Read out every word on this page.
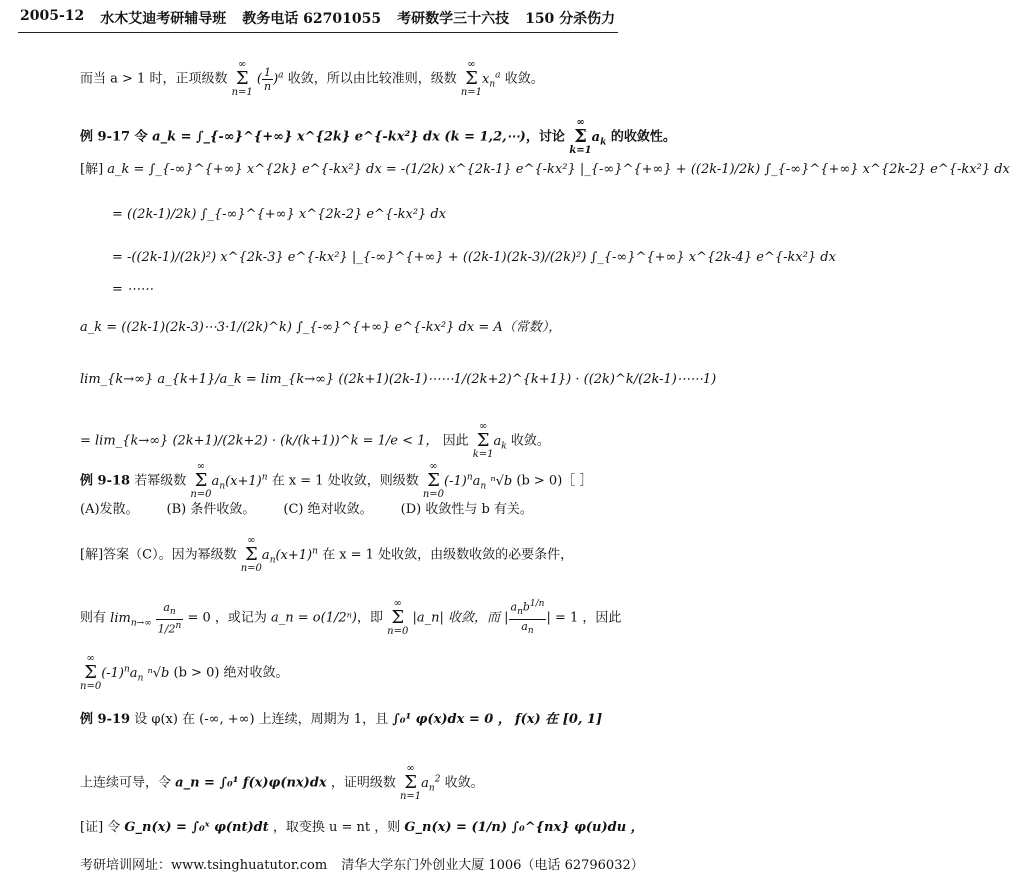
2005-12 水木艾迪考研辅导班 教务电话 62701055 考研数学三十六技 150 分杀伤力
而当 a > 1 时，正项级数 ∞
Σ
n=1 ( $\frac{1}{n} )^a$ 收敛，所以由比较准则，级数 ∞
Σ
$n=1x_n^a$ 收敛。
例 9-17 令 a_k = ∫_{-∞}^{+∞} x^{2k} e^{-kx²} dx (k = 1,2,⋯)，讨论 ∞
Σ
$k=1a_k$ 的收敛性。
[解] a_k = ∫_{-∞}^{+∞} x^{2k} e^{-kx²} dx = -(1/2k) x^{2k-1} e^{-kx²} |_{-∞}^{+∞} + ((2k-1)/2k) ∫_{-∞}^{+∞} x^{2k-2} e^{-kx²} dx
= ((2k-1)/2k) ∫_{-∞}^{+∞} x^{2k-2} e^{-kx²} dx
= -((2k-1)/(2k)²) x^{2k-3} e^{-kx²} |_{-∞}^{+∞} + ((2k-1)(2k-3)/(2k)²) ∫_{-∞}^{+∞} x^{2k-4} e^{-kx²} dx
= ⋯⋯
a_k = ((2k-1)(2k-3)⋯3·1/(2k)^k) ∫_{-∞}^{+∞} e^{-kx²} dx = A（常数），
lim_{k→∞} a_{k+1}/a_k = lim_{k→∞} ((2k+1)(2k-1)⋯⋯1/(2k+2)^{k+1}) · ((2k)^k/(2k-1)⋯⋯1)
= lim_{k→∞} (2k+1)/(2k+2) · (k/(k+1))^k = 1/e < 1， 因此 ∞
Σ
$k=1a_k$ 收敛。
例 9-18 若幂级数 ∞
Σ
$n=0a_n(x+1)^n$ 在 x = 1 处收敛，则级数 ∞
Σ
$n=0(-1)^na_n$ ⁿ√b (b > 0)［ ］
(A)发散。 (B) 条件收敛。 (C) 绝对收敛。 (D) 收敛性与 b 有关。
[解]答案（C）。因为幂级数 ∞
Σ
$n=0a_n(x+1)^n$ 在 x = 1 处收敛，由级数收敛的必要条件，
则有 $\lim_{n\to\infty} \frac{a_n}{1/2^n} = 0$ ，或记为 a_n = o(1/2ⁿ)，即 ∞
Σ
n=0 |a_n| 收敛，而 | $\frac{a_nb^{1/n}}{a_n}$ | = 1 ，因此
∞
Σ
$n=0(-1)^na_n$ ⁿ√b (b > 0) 绝对收敛。
例 9-19 设 φ(x) 在 (-∞, +∞) 上连续，周期为 1，且 ∫₀¹ φ(x)dx = 0 ， f(x) 在 [0, 1]
上连续可导，令 a_n = ∫₀¹ f(x)φ(nx)dx ，证明级数 ∞
Σ
$n=1a_n^2$ 收敛。
[证] 令 G_n(x) = ∫₀ˣ φ(nt)dt ，取变换 u = nt ，则 G_n(x) = (1/n) ∫₀^{nx} φ(u)du ，
考研培训网址：www.tsinghuatutor.com 清华大学东门外创业大厦 1006（电话 62796032）
